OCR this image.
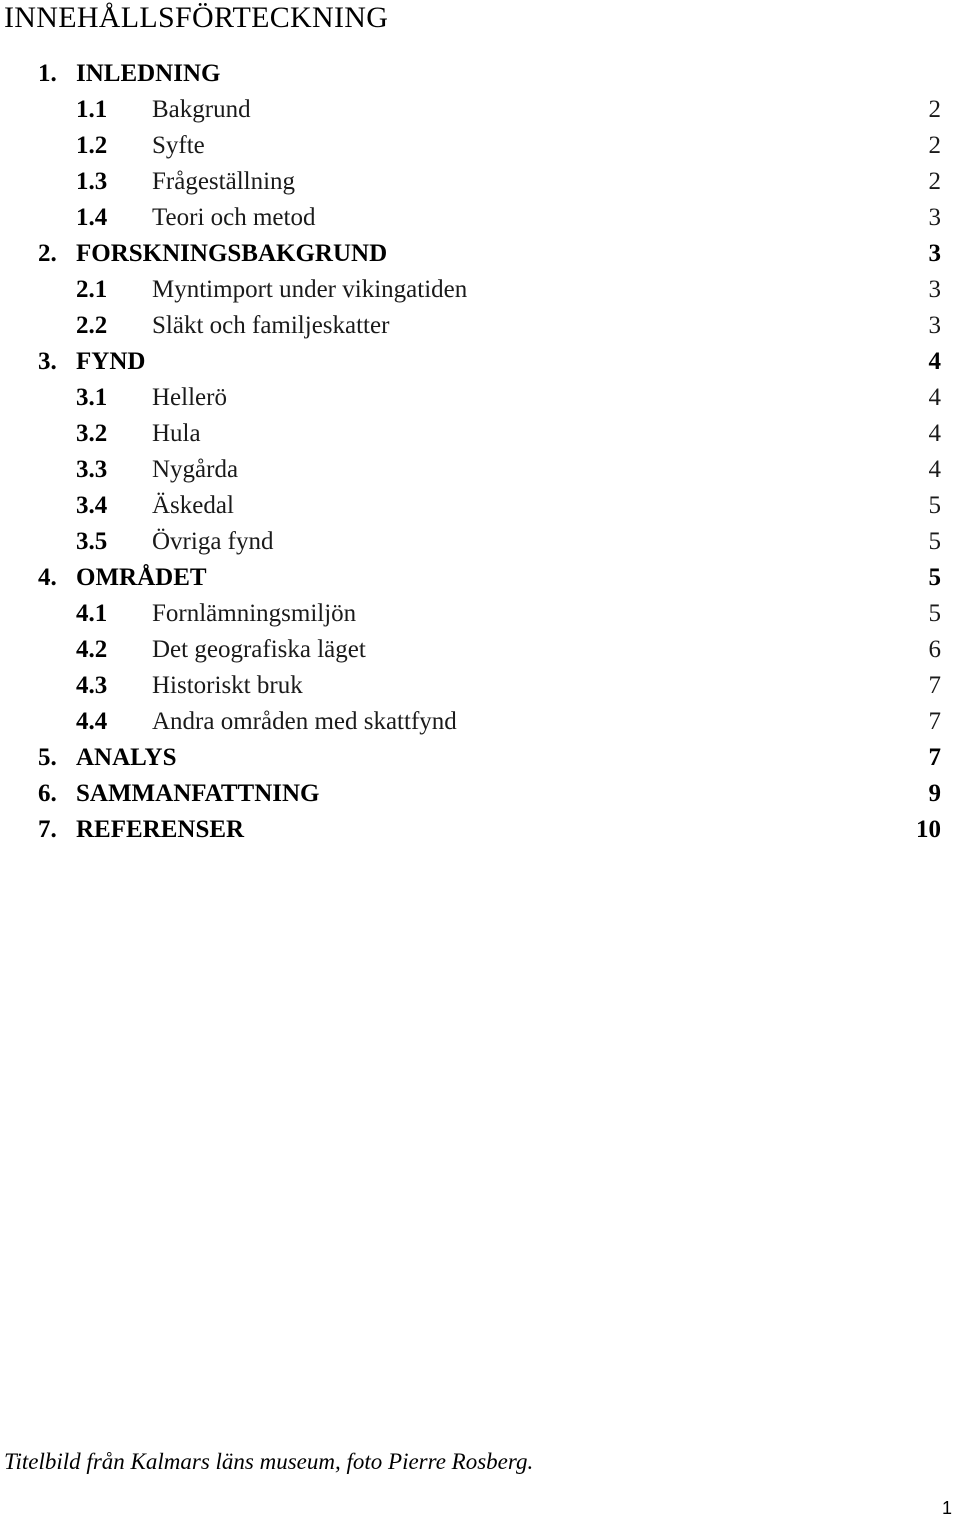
INNEHÅLLSFÖRTECKNING
1. INLEDNING
1.1 Bakgrund	2
1.2 Syfte	2
1.3 Frågeställning	2
1.4 Teori och metod	3
2. FORSKNINGSBAKGRUND	3
2.1 Myntimport under vikingatiden	3
2.2 Släkt och familjeskatter	3
3. FYND	4
3.1 Hellerö	4
3.2 Hula	4
3.3 Nygårda	4
3.4 Äskedal	5
3.5 Övriga fynd	5
4. OMRÅDET	5
4.1 Fornlämningsmiljön	5
4.2 Det geografiska läget	6
4.3 Historiskt bruk	7
4.4 Andra områden med skattfynd	7
5. ANALYS	7
6. SAMMANFATTNING	9
7. REFERENSER	10

Titelbild från Kalmars läns museum, foto Pierre Rosberg.

1
